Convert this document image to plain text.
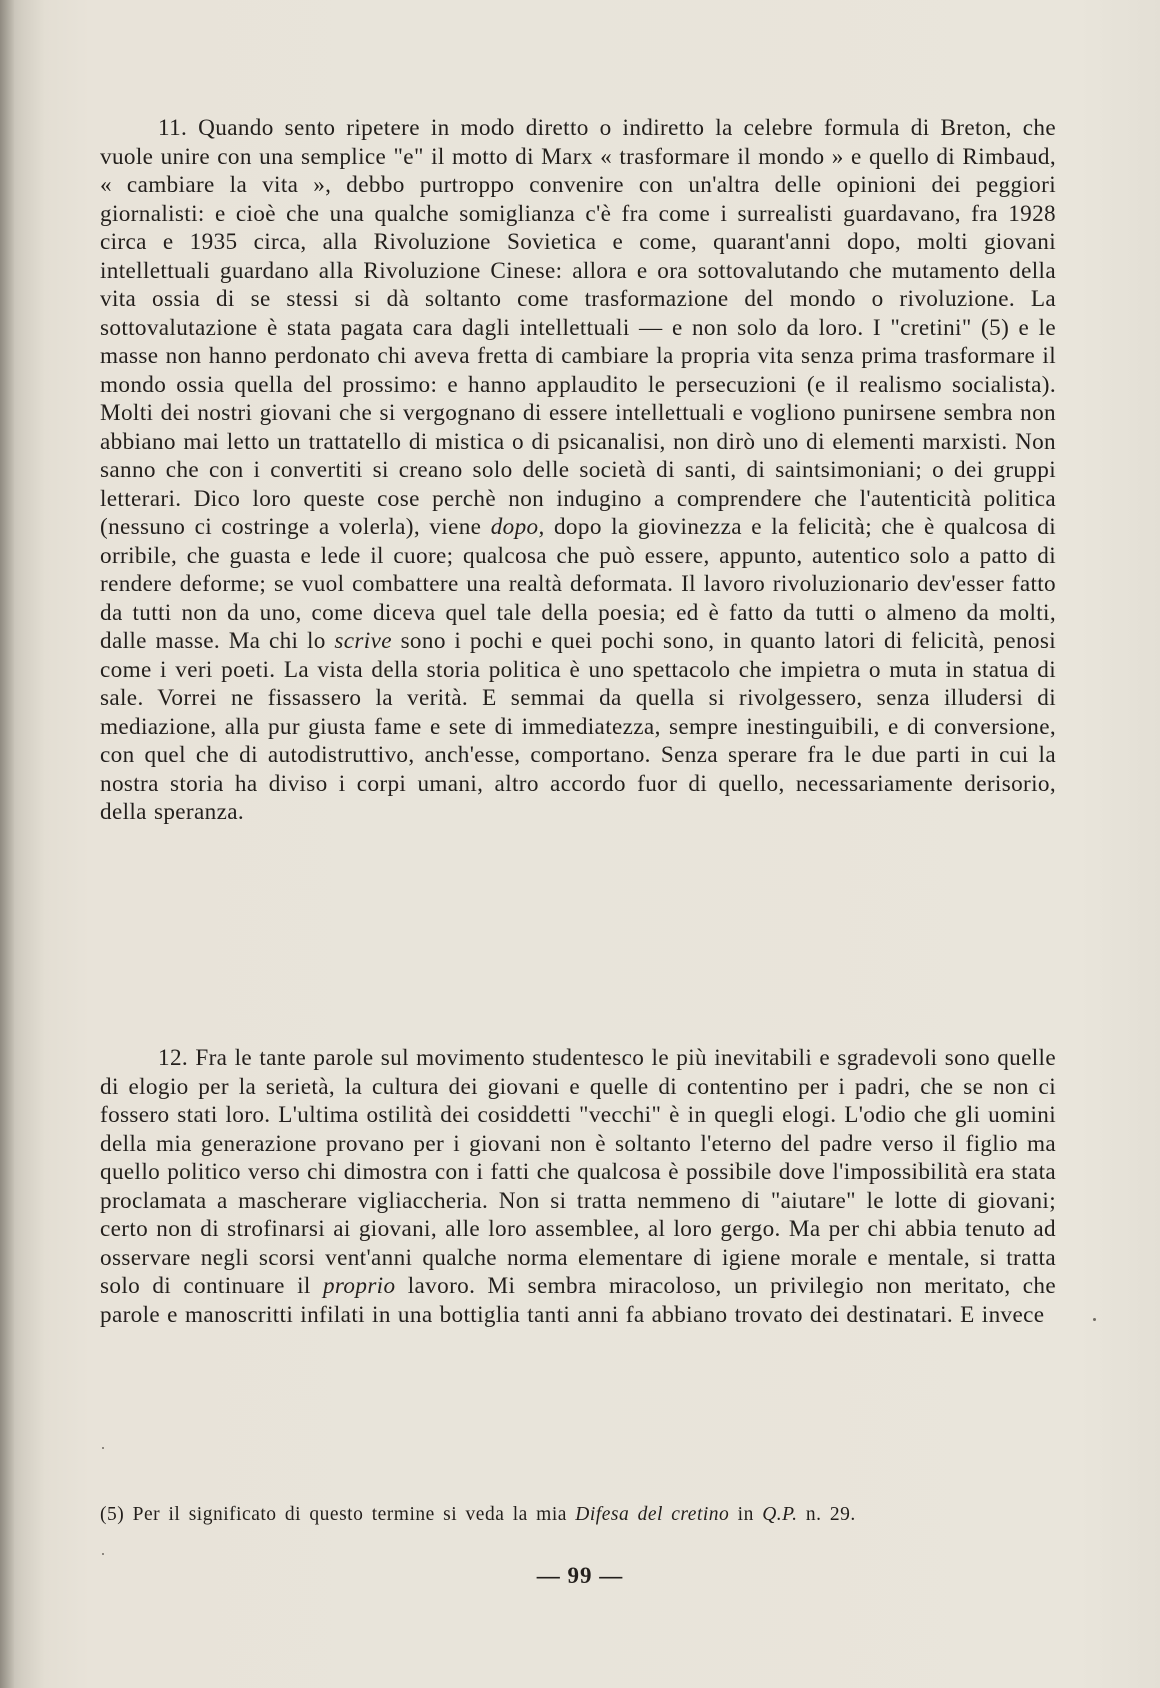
11. Quando sento ripetere in modo diretto o indiretto la celebre formula di Breton, che vuole unire con una semplice "e" il motto di Marx « trasformare il mondo » e quello di Rimbaud, « cambiare la vita », debbo purtroppo convenire con un'altra delle opinioni dei peggiori giornalisti: e cioè che una qualche somiglianza c'è fra come i surrealisti guardavano, fra 1928 circa e 1935 circa, alla Rivoluzione Sovietica e come, quarant'anni dopo, molti giovani intellettuali guardano alla Rivoluzione Cinese: allora e ora sottovalutando che mutamento della vita ossia di se stessi si dà soltanto come trasformazione del mondo o rivoluzione. La sottovalutazione è stata pagata cara dagli intellettuali — e non solo da loro. I "cretini" (5) e le masse non hanno perdonato chi aveva fretta di cambiare la propria vita senza prima trasformare il mondo ossia quella del prossimo: e hanno applaudito le persecuzioni (e il realismo socialista). Molti dei nostri giovani che si vergognano di essere intellettuali e vogliono punirsene sembra non abbiano mai letto un trattatello di mistica o di psicanalisi, non dirò uno di elementi marxisti. Non sanno che con i convertiti si creano solo delle società di santi, di saintsimoniani; o dei gruppi letterari. Dico loro queste cose perchè non indugino a comprendere che l'autenticità politica (nessuno ci costringe a volerla), viene dopo, dopo la giovinezza e la felicità; che è qualcosa di orribile, che guasta e lede il cuore; qualcosa che può essere, appunto, autentico solo a patto di rendere deforme; se vuol combattere una realtà deformata. Il lavoro rivoluzionario dev'esser fatto da tutti non da uno, come diceva quel tale della poesia; ed è fatto da tutti o almeno da molti, dalle masse. Ma chi lo scrive sono i pochi e quei pochi sono, in quanto latori di felicità, penosi come i veri poeti. La vista della storia politica è uno spettacolo che impietra o muta in statua di sale. Vorrei ne fissassero la verità. E semmai da quella si rivolgessero, senza illudersi di mediazione, alla pur giusta fame e sete di immediatezza, sempre inestinguibili, e di conversione, con quel che di autodistruttivo, anch'esse, comportano. Senza sperare fra le due parti in cui la nostra storia ha diviso i corpi umani, altro accordo fuor di quello, necessariamente derisorio, della speranza.

12. Fra le tante parole sul movimento studentesco le più inevitabili e sgradevoli sono quelle di elogio per la serietà, la cultura dei giovani e quelle di contentino per i padri, che se non ci fossero stati loro. L'ultima ostilità dei cosiddetti "vecchi" è in quegli elogi. L'odio che gli uomini della mia generazione provano per i giovani non è soltanto l'eterno del padre verso il figlio ma quello politico verso chi dimostra con i fatti che qualcosa è possibile dove l'impossibilità era stata proclamata a mascherare vigliaccheria. Non si tratta nemmeno di "aiutare" le lotte di giovani; certo non di strofinarsi ai giovani, alle loro assemblee, al loro gergo. Ma per chi abbia tenuto ad osservare negli scorsi vent'anni qualche norma elementare di igiene morale e mentale, si tratta solo di continuare il proprio lavoro. Mi sembra miracoloso, un privilegio non meritato, che parole e manoscritti infilati in una bottiglia tanti anni fa abbiano trovato dei destinatari. E invece

(5) Per il significato di questo termine si veda la mia Difesa del cretino in Q.P. n. 29.
— 99 —
